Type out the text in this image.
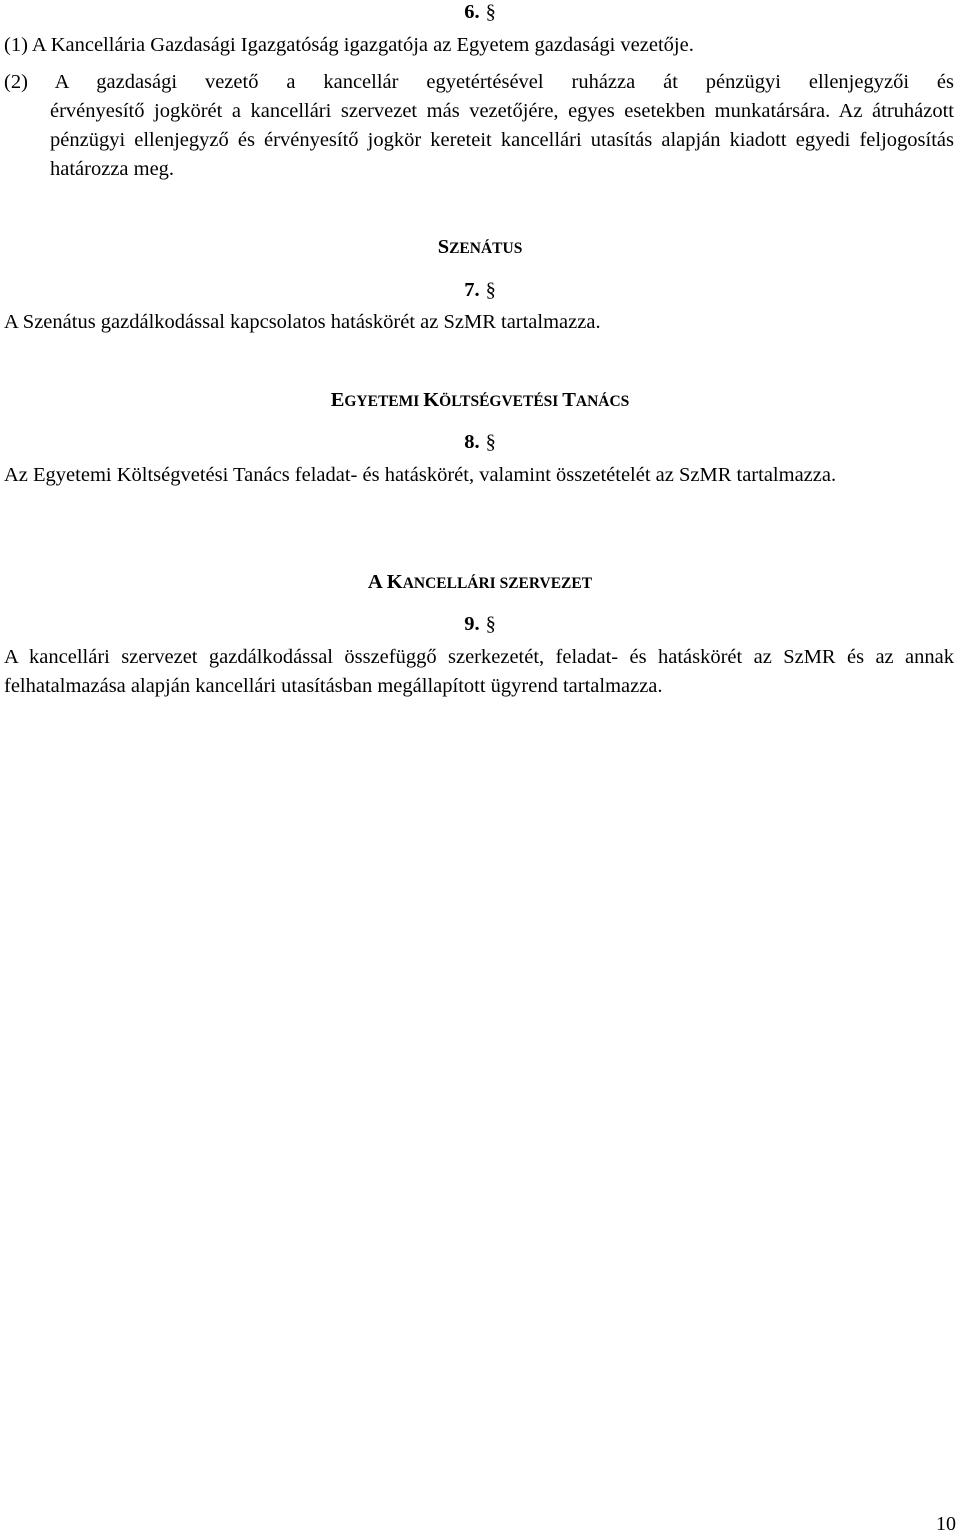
6. §

(1) A Kancellária Gazdasági Igazgatóság igazgatója az Egyetem gazdasági vezetője.

(2) A gazdasági vezető a kancellár egyetértésével ruházza át pénzügyi ellenjegyzői és

érvényesítő jogkörét a kancellári szervezet más vezetőjére, egyes esetekben munkatársára. Az átruházott pénzügyi ellenjegyző és érvényesítő jogkör kereteit kancellári utasítás alapján kiadott egyedi feljogosítás határozza meg.

SZENÁTUS

7. §

A Szenátus gazdálkodással kapcsolatos hatáskörét az SzMR tartalmazza.

EGYETEMI KÖLTSÉGVETÉSI TANÁCS

8. §

Az Egyetemi Költségvetési Tanács feladat- és hatáskörét, valamint összetételét az SzMR tartalmazza.

A KANCELLÁRI SZERVEZET

9. §

A kancellári szervezet gazdálkodással összefüggő szerkezetét, feladat- és hatáskörét az SzMR és az annak felhatalmazása alapján kancellári utasításban megállapított ügyrend tartalmazza.

10
